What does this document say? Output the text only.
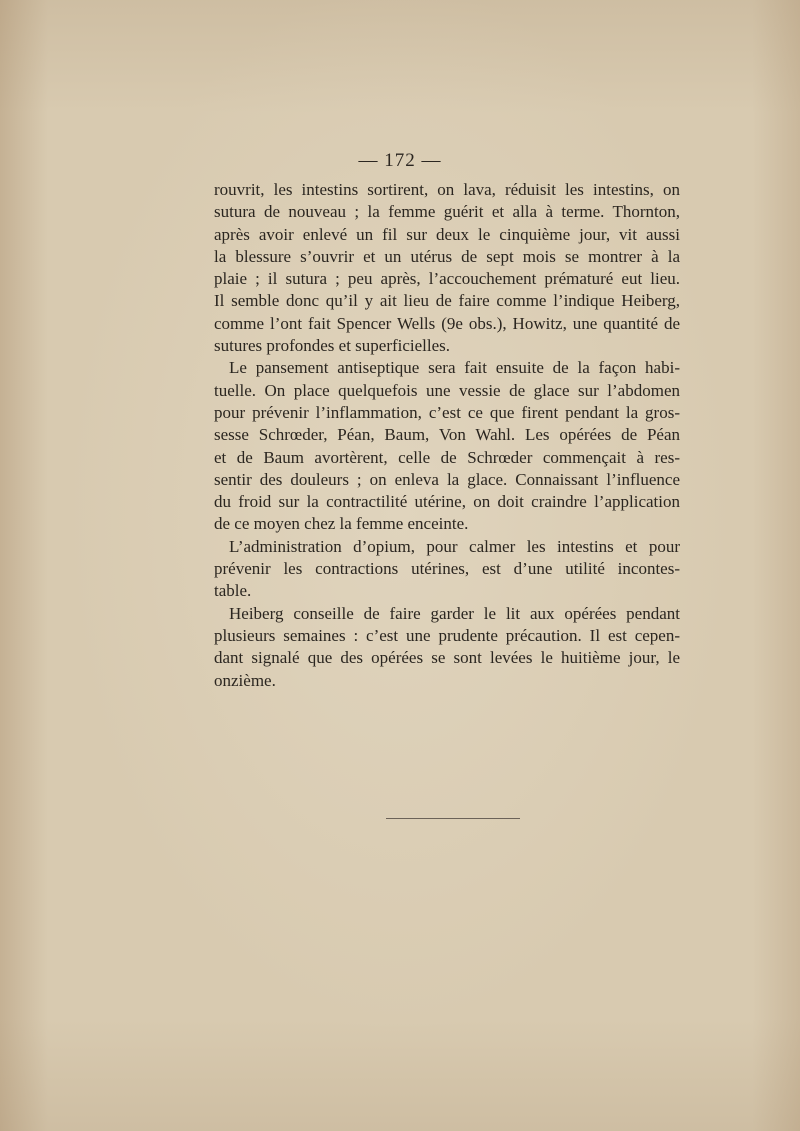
— 172 —

rouvrit, les intestins sortirent, on lava, réduisit les intestins, on
sutura de nouveau ; la femme guérit et alla à terme. Thornton,
après avoir enlevé un fil sur deux le cinquième jour, vit aussi
la blessure s’ouvrir et un utérus de sept mois se montrer à la
plaie ; il sutura ; peu après, l’accouchement prématuré eut lieu.
Il semble donc qu’il y ait lieu de faire comme l’indique Heiberg,
comme l’ont fait Spencer Wells (9e obs.), Howitz, une quantité de
sutures profondes et superficielles.

Le pansement antiseptique sera fait ensuite de la façon habi-
tuelle. On place quelquefois une vessie de glace sur l’abdomen
pour prévenir l’inflammation, c’est ce que firent pendant la gros-
sesse Schrœder, Péan, Baum, Von Wahl. Les opérées de Péan
et de Baum avortèrent, celle de Schrœder commençait à res-
sentir des douleurs ; on enleva la glace. Connaissant l’influence
du froid sur la contractilité utérine, on doit craindre l’application
de ce moyen chez la femme enceinte.

L’administration d’opium, pour calmer les intestins et pour
prévenir les contractions utérines, est d’une utilité incontes-
table.

Heiberg conseille de faire garder le lit aux opérées pendant
plusieurs semaines : c’est une prudente précaution. Il est cepen-
dant signalé que des opérées se sont levées le huitième jour, le
onzième.
